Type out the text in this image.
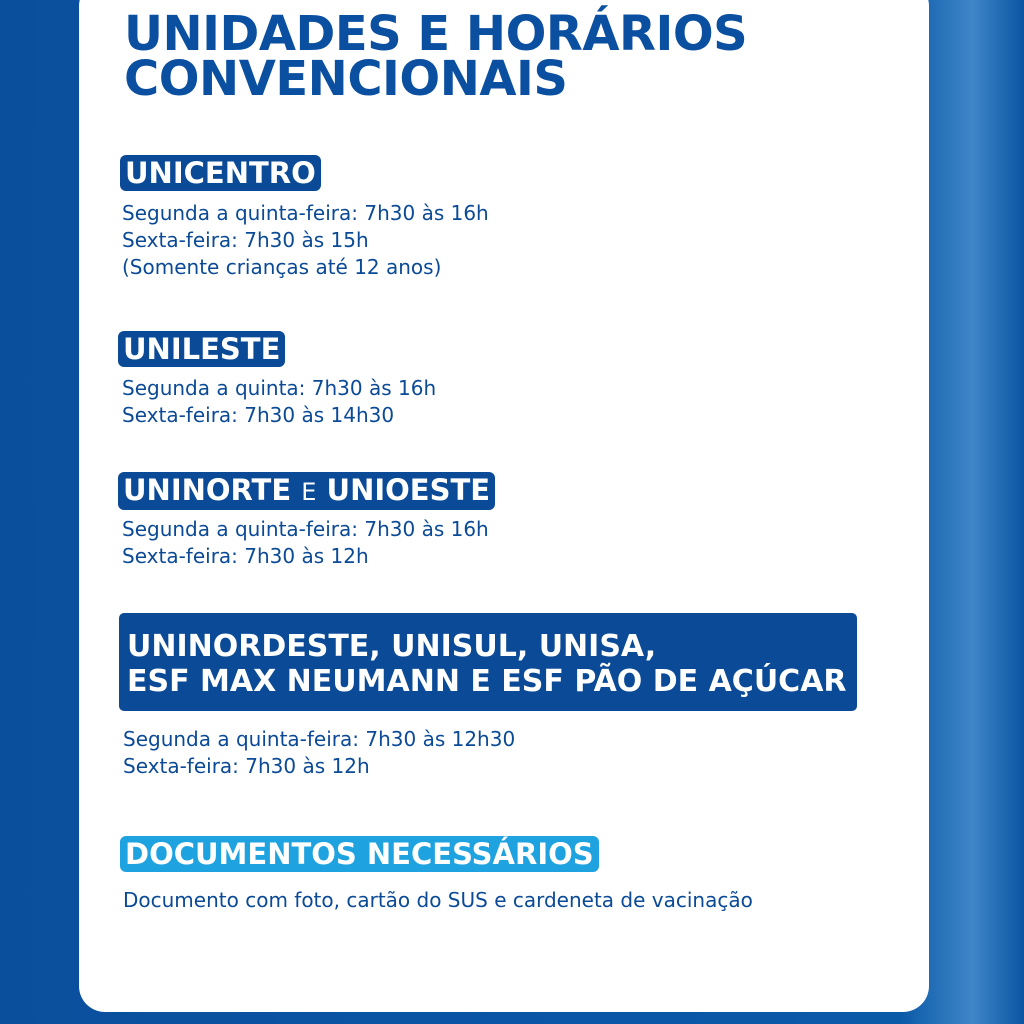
UNIDADES E HORÁRIOS
CONVENCIONAIS
UNICENTRO
Segunda a quinta-feira: 7h30 às 16h
Sexta-feira: 7h30 às 15h
(Somente crianças até 12 anos)
UNILESTE
Segunda a quinta: 7h30 às 16h
Sexta-feira: 7h30 às 14h30
UNINORTE E UNIOESTE
Segunda a quinta-feira: 7h30 às 16h
Sexta-feira: 7h30 às 12h
UNINORDESTE, UNISUL, UNISA,
ESF MAX NEUMANN E ESF PÃO DE AÇÚCAR
Segunda a quinta-feira: 7h30 às 12h30
Sexta-feira: 7h30 às 12h
DOCUMENTOS NECESSÁRIOS
Documento com foto, cartão do SUS e cardeneta de vacinação
